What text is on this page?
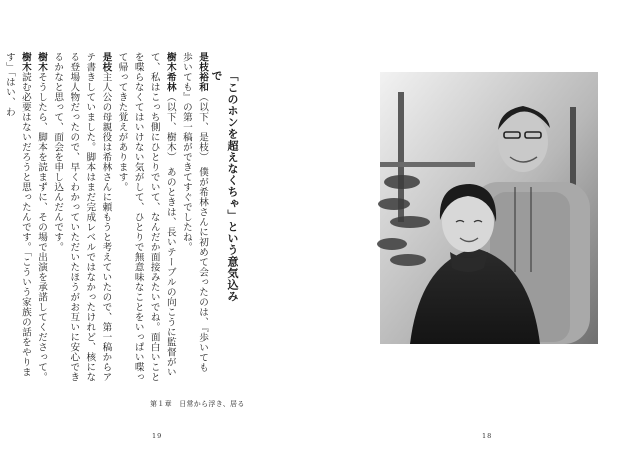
是枝裕和（以下、是枝）　僕が希林さんに初めて会ったのは、『歩いても 歩いても』の第一稿ができてすぐでしたね。

樹木希林（以下、樹木）　あのときは、長いテーブルの向こうに監督がいて、私はこっち側にひとりでいて、なんだか面接みたいでね。面白いことを喋らなくてはいけない気がして、ひとりで無意味なことをいっぱい喋って帰ってきた覚えがあります。

是枝主人公の母親役は希林さんに頼もうと考えていたので、第一稿からアテ書きしていました。脚本はまだ完成レベルではなかったけれど、核になる登場人物だったので、早くわかっていただいたほうがお互いに安心できるかなと思って、面会を申し込んだんです。

樹木そうしたら、脚本を読まずに、その場で出演を承諾してくださって。

樹木読む必要はないだろうと思ったんです。「こういう家族の話をやります」「はい、わ	「このホンを超えなくちゃ」という意気込みで
第１章　日常から浮き、居る
19	18
